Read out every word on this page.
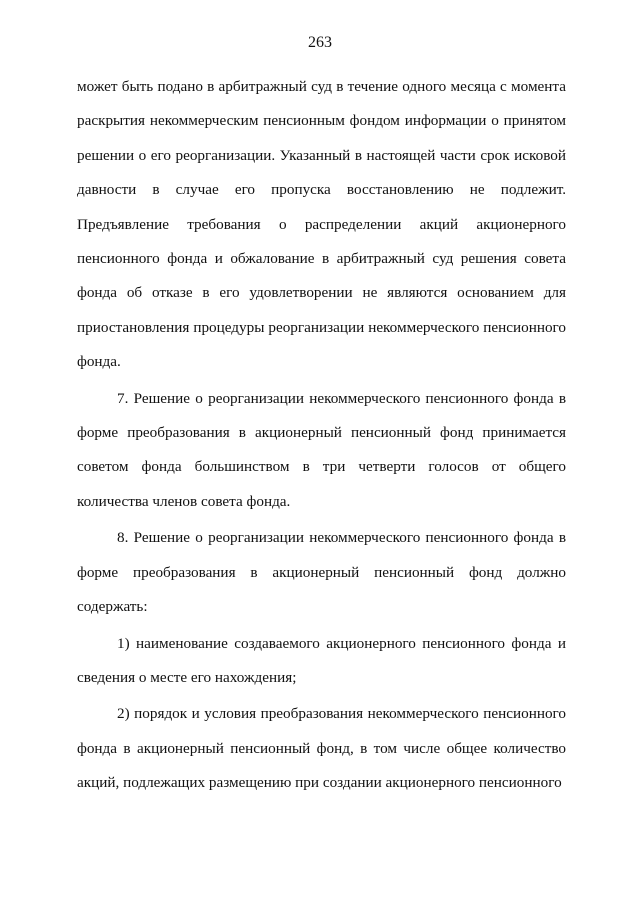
263

может быть подано в арбитражный суд в течение одного месяца с момента раскрытия некоммерческим пенсионным фондом информации о принятом решении о его реорганизации. Указанный в настоящей части срок исковой давности в случае его пропуска восстановлению не подлежит. Предъявление требования о распределении акций акционерного пенсионного фонда и обжалование в арбитражный суд решения совета фонда об отказе в его удовлетворении не являются основанием для приостановления процедуры реорганизации некоммерческого пенсионного фонда.

7. Решение о реорганизации некоммерческого пенсионного фонда в форме преобразования в акционерный пенсионный фонд принимается советом фонда большинством в три четверти голосов от общего количества членов совета фонда.

8. Решение о реорганизации некоммерческого пенсионного фонда в форме преобразования в акционерный пенсионный фонд должно содержать:

1) наименование создаваемого акционерного пенсионного фонда и сведения о месте его нахождения;

2) порядок и условия преобразования некоммерческого пенсионного фонда в акционерный пенсионный фонд, в том числе общее количество акций, подлежащих размещению при создании акционерного пенсионного
